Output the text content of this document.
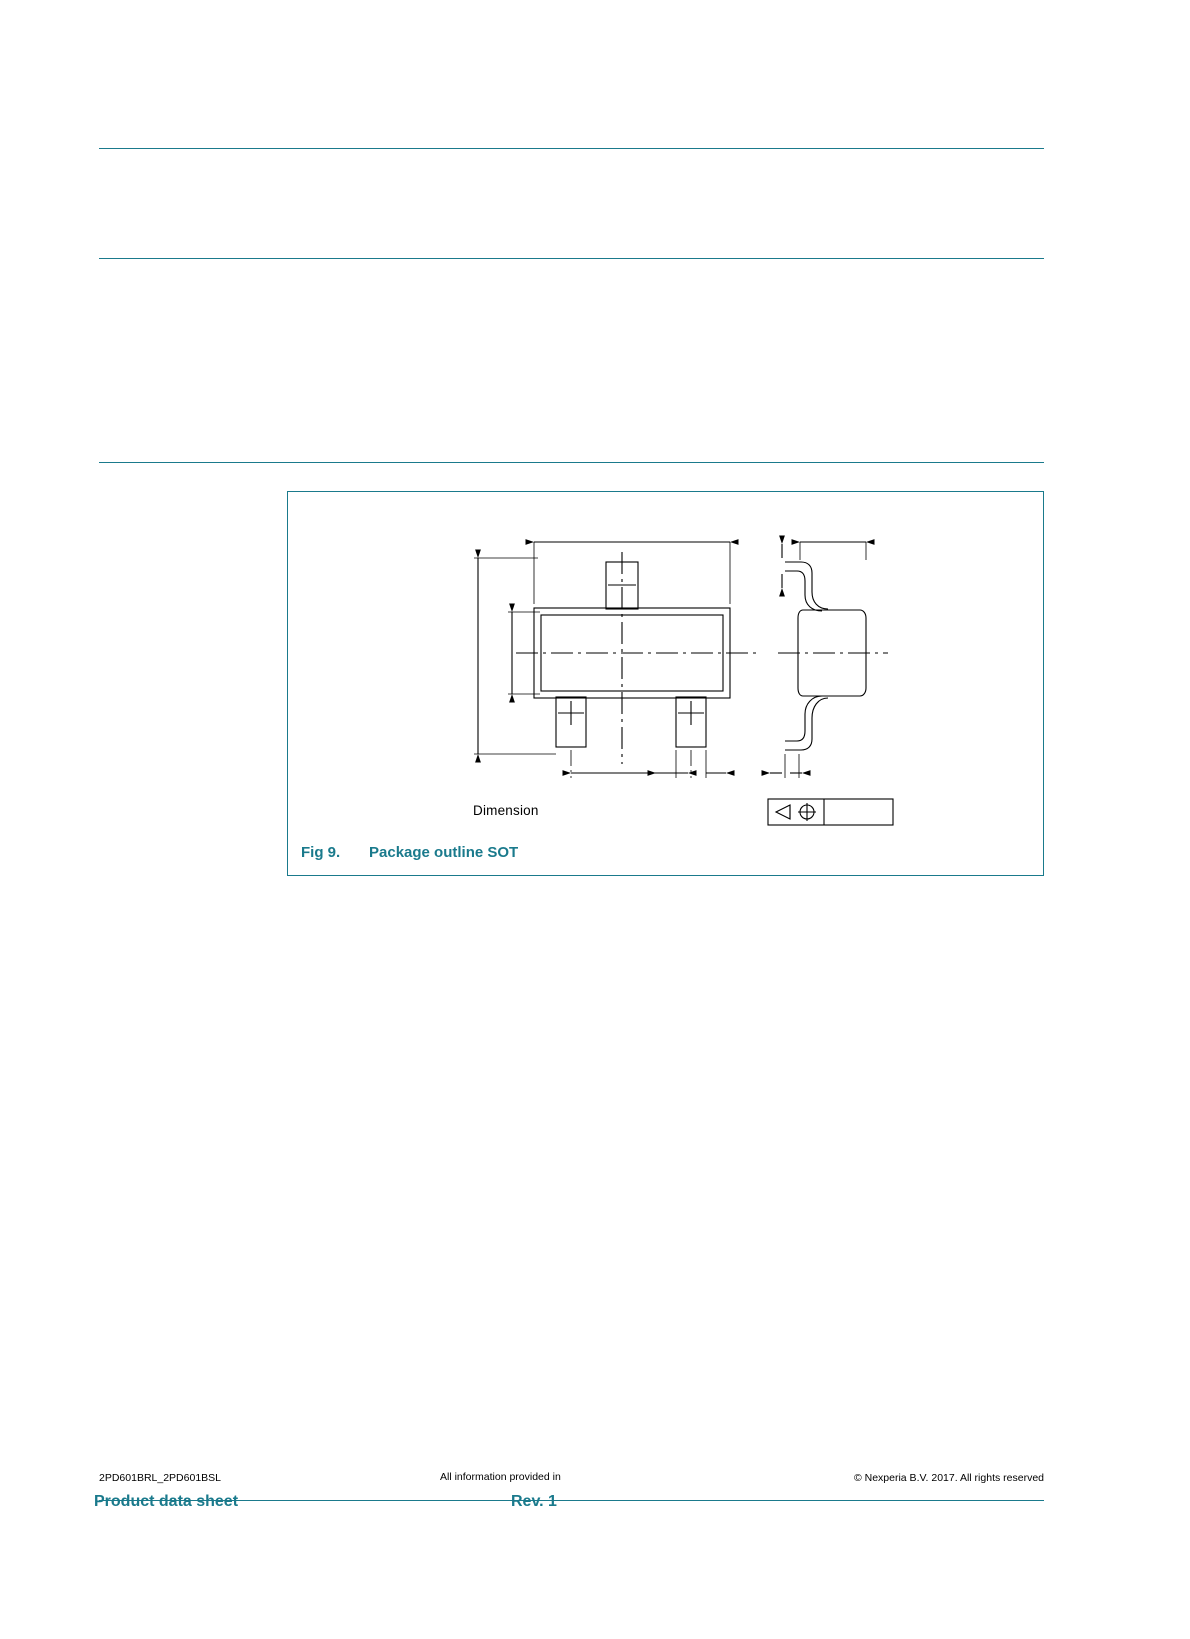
Dimension
Fig 9. Package outline SOT
2PD601BRL_2PD601BSL	All information provided in	© Nexperia B.V. 2017. All rights reserved
Product data sheet	Rev. 1
